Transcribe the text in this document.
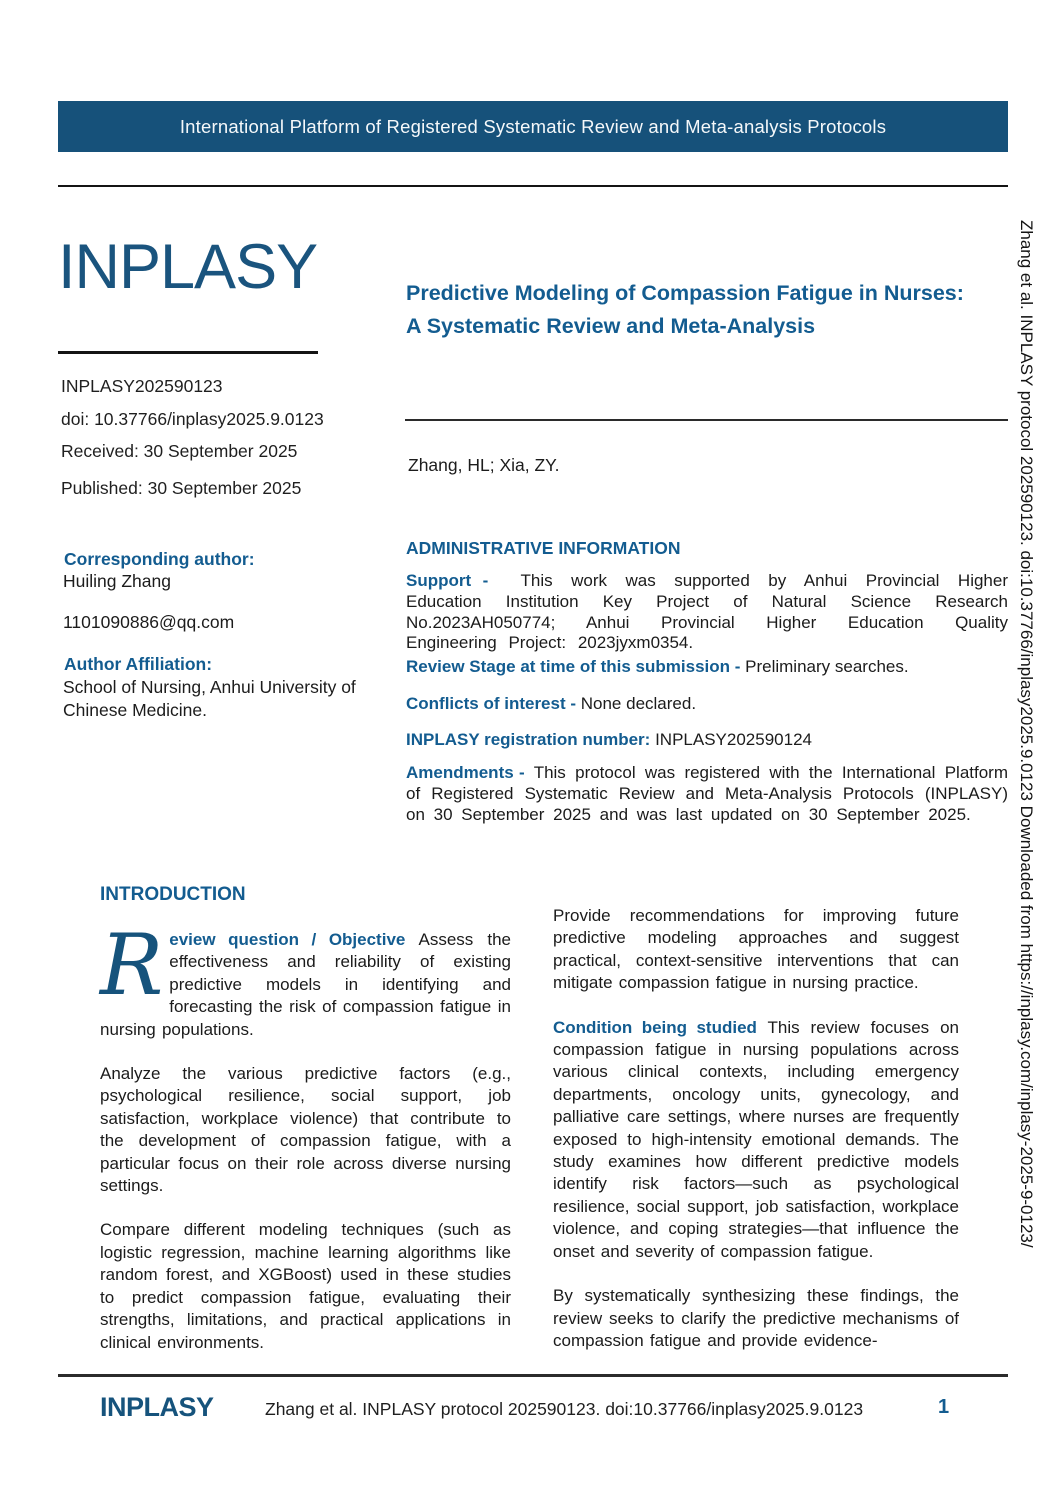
International Platform of Registered Systematic Review and Meta-analysis Protocols
INPLASY
INPLASY202590123
doi: 10.37766/inplasy2025.9.0123
Received: 30 September 2025
Published: 30 September 2025
Corresponding author:
Huiling Zhang
1101090886@qq.com
Author Affiliation:
School of Nursing, Anhui University of Chinese Medicine.
Predictive Modeling of Compassion Fatigue in Nurses: A Systematic Review and Meta-Analysis
Zhang, HL; Xia, ZY.
ADMINISTRATIVE INFORMATION
Support - This work was supported by Anhui Provincial Higher Education Institution Key Project of Natural Science Research No.2023AH050774; Anhui Provincial Higher Education Quality Engineering Project: 2023jyxm0354.
Review Stage at time of this submission - Preliminary searches.
Conflicts of interest - None declared.
INPLASY registration number: INPLASY202590124
Amendments - This protocol was registered with the International Platform of Registered Systematic Review and Meta-Analysis Protocols (INPLASY) on 30 September 2025 and was last updated on 30 September 2025.
INTRODUCTION

Review question / Objective Assess the effectiveness and reliability of existing predictive models in identifying and forecasting the risk of compassion fatigue in nursing populations.

Analyze the various predictive factors (e.g., psychological resilience, social support, job satisfaction, workplace violence) that contribute to the development of compassion fatigue, with a particular focus on their role across diverse nursing settings.

Compare different modeling techniques (such as logistic regression, machine learning algorithms like random forest, and XGBoost) used in these studies to predict compassion fatigue, evaluating their strengths, limitations, and practical applications in clinical environments.

Provide recommendations for improving future predictive modeling approaches and suggest practical, context-sensitive interventions that can mitigate compassion fatigue in nursing practice.

Condition being studied This review focuses on compassion fatigue in nursing populations across various clinical contexts, including emergency departments, oncology units, gynecology, and palliative care settings, where nurses are frequently exposed to high-intensity emotional demands. The study examines how different predictive models identify risk factors—such as psychological resilience, social support, job satisfaction, workplace violence, and coping strategies—that influence the onset and severity of compassion fatigue.

By systematically synthesizing these findings, the review seeks to clarify the predictive mechanisms of compassion fatigue and provide evidence-

INPLASY	Zhang et al. INPLASY protocol 202590123. doi:10.37766/inplasy2025.9.0123	1
Zhang et al. INPLASY protocol 202590123. doi:10.37766/inplasy2025.9.0123 Downloaded from https://inplasy.com/inplasy-2025-9-0123/
